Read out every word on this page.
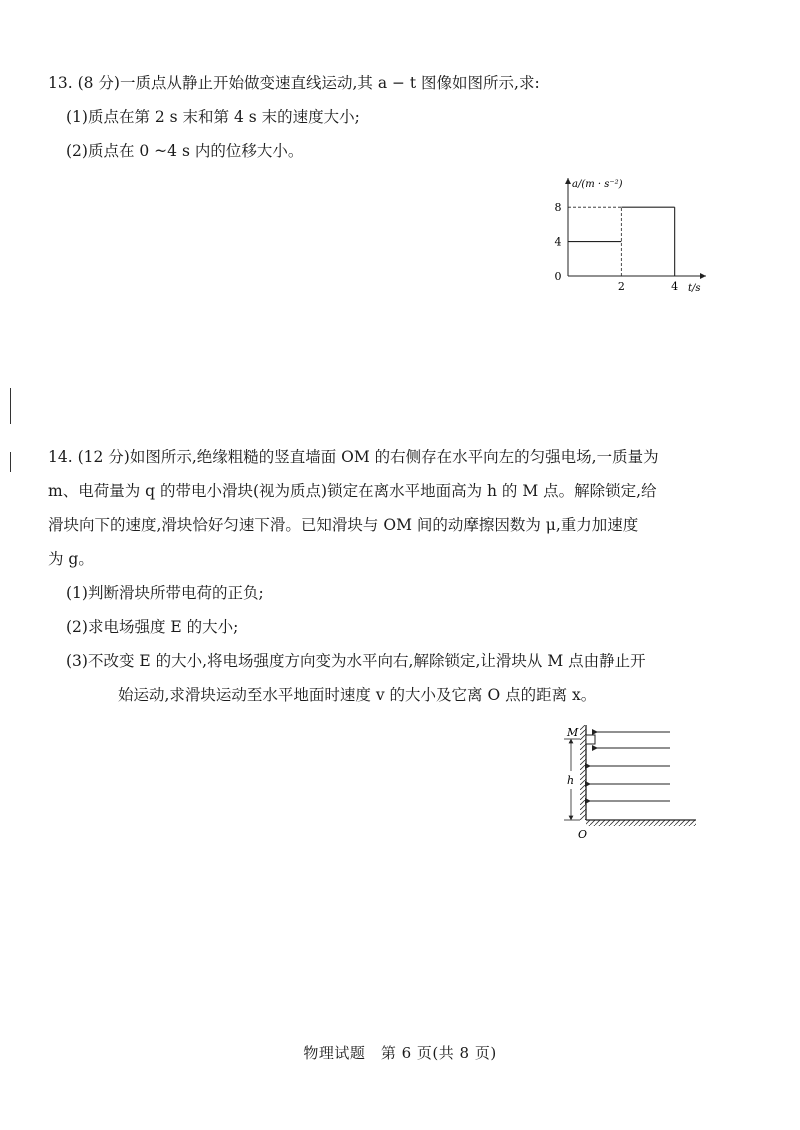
13. (8 分)一质点从静止开始做变速直线运动,其 a − t 图像如图所示,求:
(1)质点在第 2 s 末和第 4 s 末的速度大小;
(2)质点在 0 ~4 s 内的位移大小。
0
4
8
2	4
a/(m · s⁻²)
t/s
14. (12 分)如图所示,绝缘粗糙的竖直墙面 OM 的右侧存在水平向左的匀强电场,一质量为
m、电荷量为 q 的带电小滑块(视为质点)锁定在离水平地面高为 h 的 M 点。解除锁定,给
滑块向下的速度,滑块恰好匀速下滑。已知滑块与 OM 间的动摩擦因数为 μ,重力加速度
为 g。
(1)判断滑块所带电荷的正负;
(2)求电场强度 E 的大小;
(3)不改变 E 的大小,将电场强度方向变为水平向右,解除锁定,让滑块从 M 点由静止开
始运动,求滑块运动至水平地面时速度 v 的大小及它离 O 点的距离 x。
M
h
O
物理试题　第 6 页(共 8 页)
